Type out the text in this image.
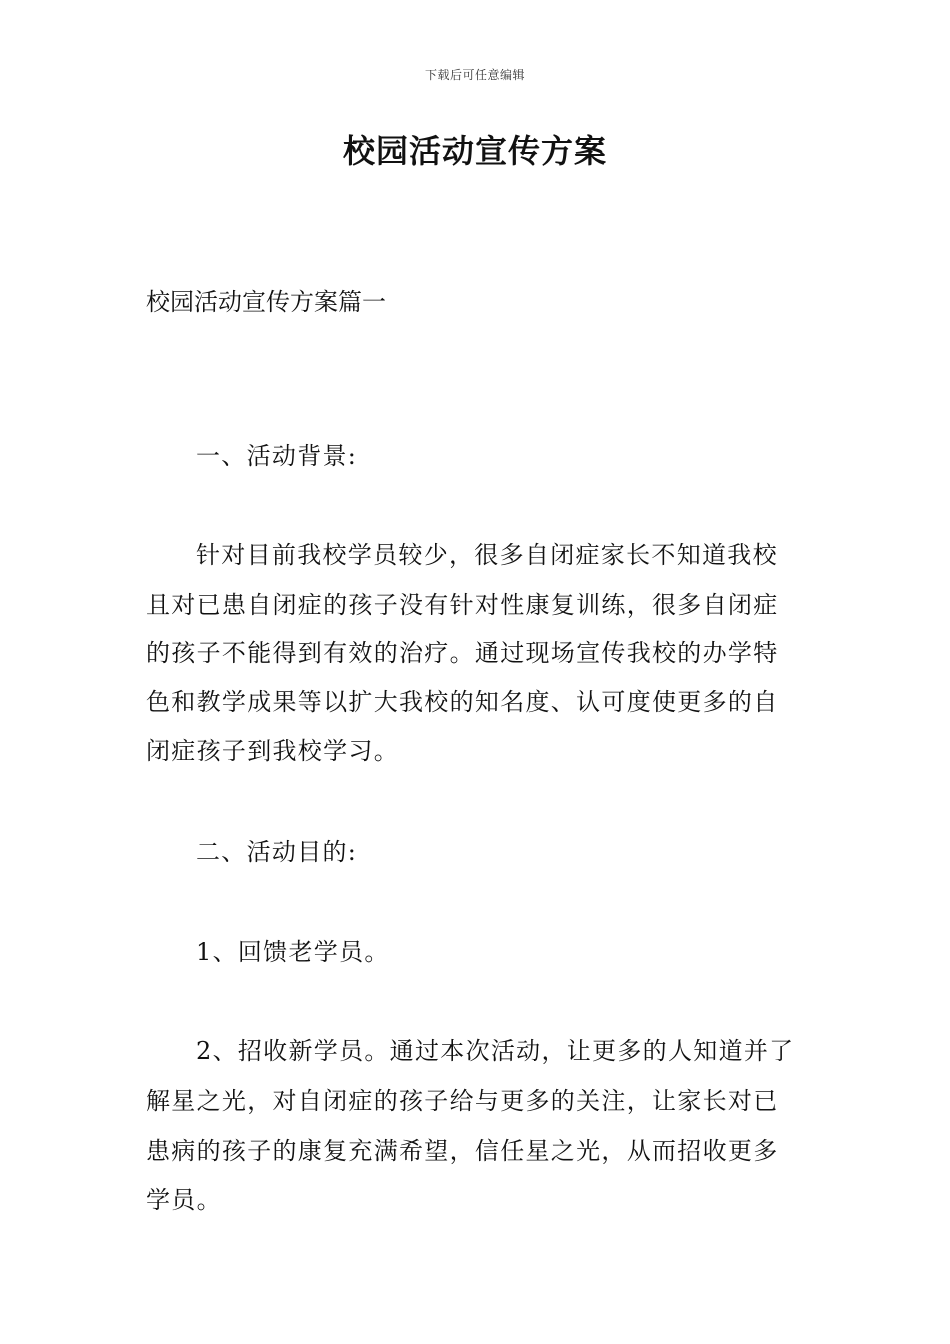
下载后可任意编辑
校园活动宣传方案
校园活动宣传方案篇一
一、活动背景:
针对目前我校学员较少，很多自闭症家长不知道我校
且对已患自闭症的孩子没有针对性康复训练，很多自闭症
的孩子不能得到有效的治疗。通过现场宣传我校的办学特
色和教学成果等以扩大我校的知名度、认可度使更多的自
闭症孩子到我校学习。
二、活动目的:
1、回馈老学员。
2、招收新学员。通过本次活动，让更多的人知道并了
解星之光，对自闭症的孩子给与更多的关注，让家长对已
患病的孩子的康复充满希望，信任星之光，从而招收更多
学员。
